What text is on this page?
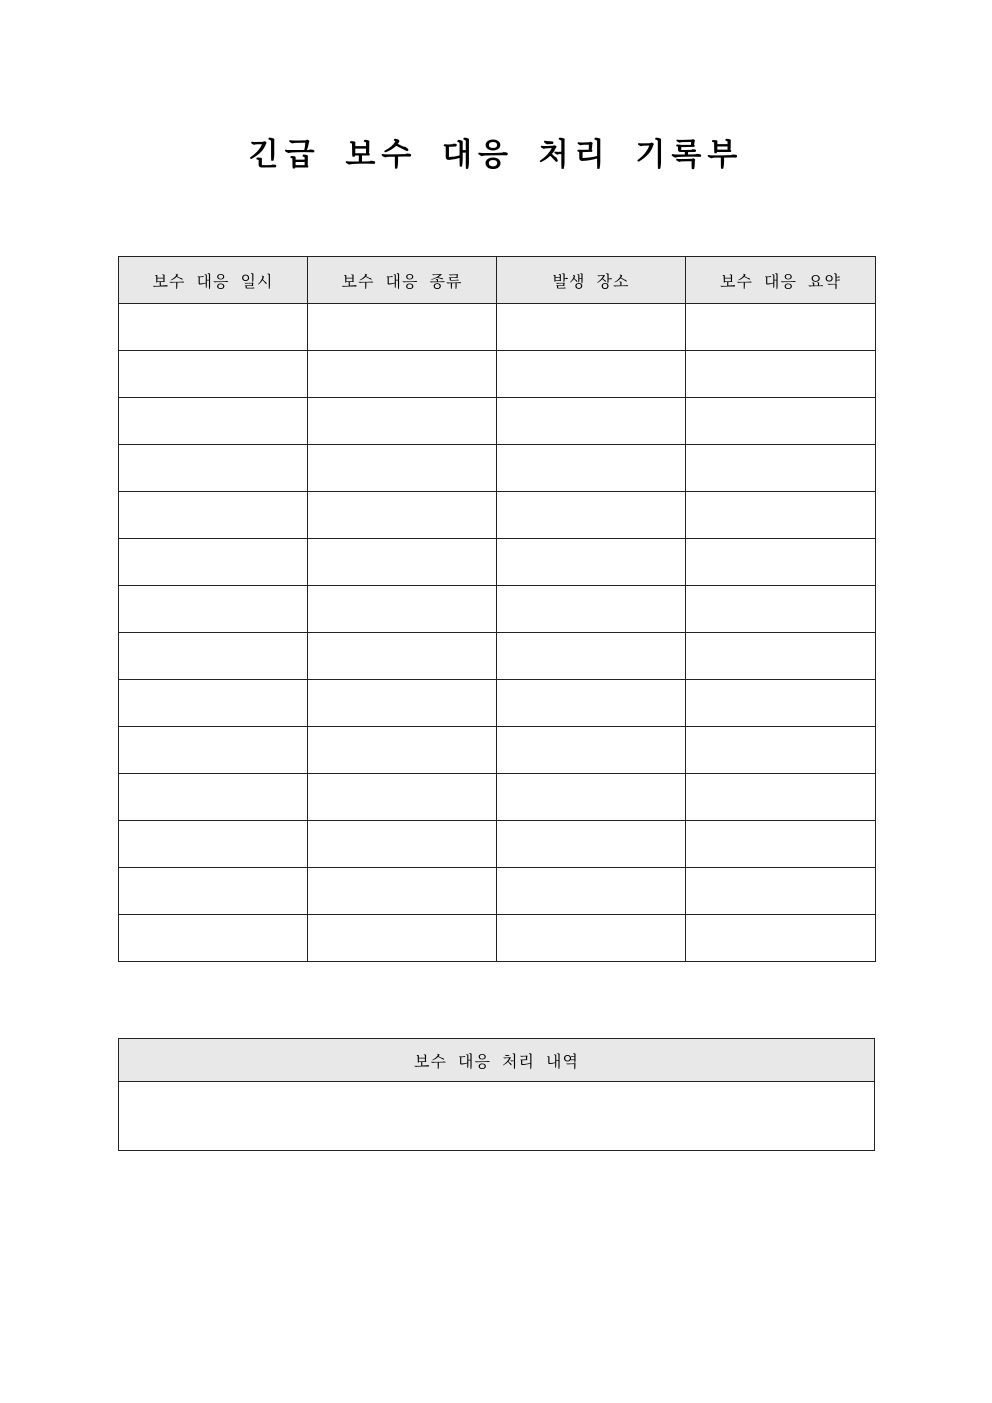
긴급 보수 대응 처리 기록부
보수 대응 일시	보수 대응 종류	발생 장소	보수 대응 요약

보수 대응 처리 내역
